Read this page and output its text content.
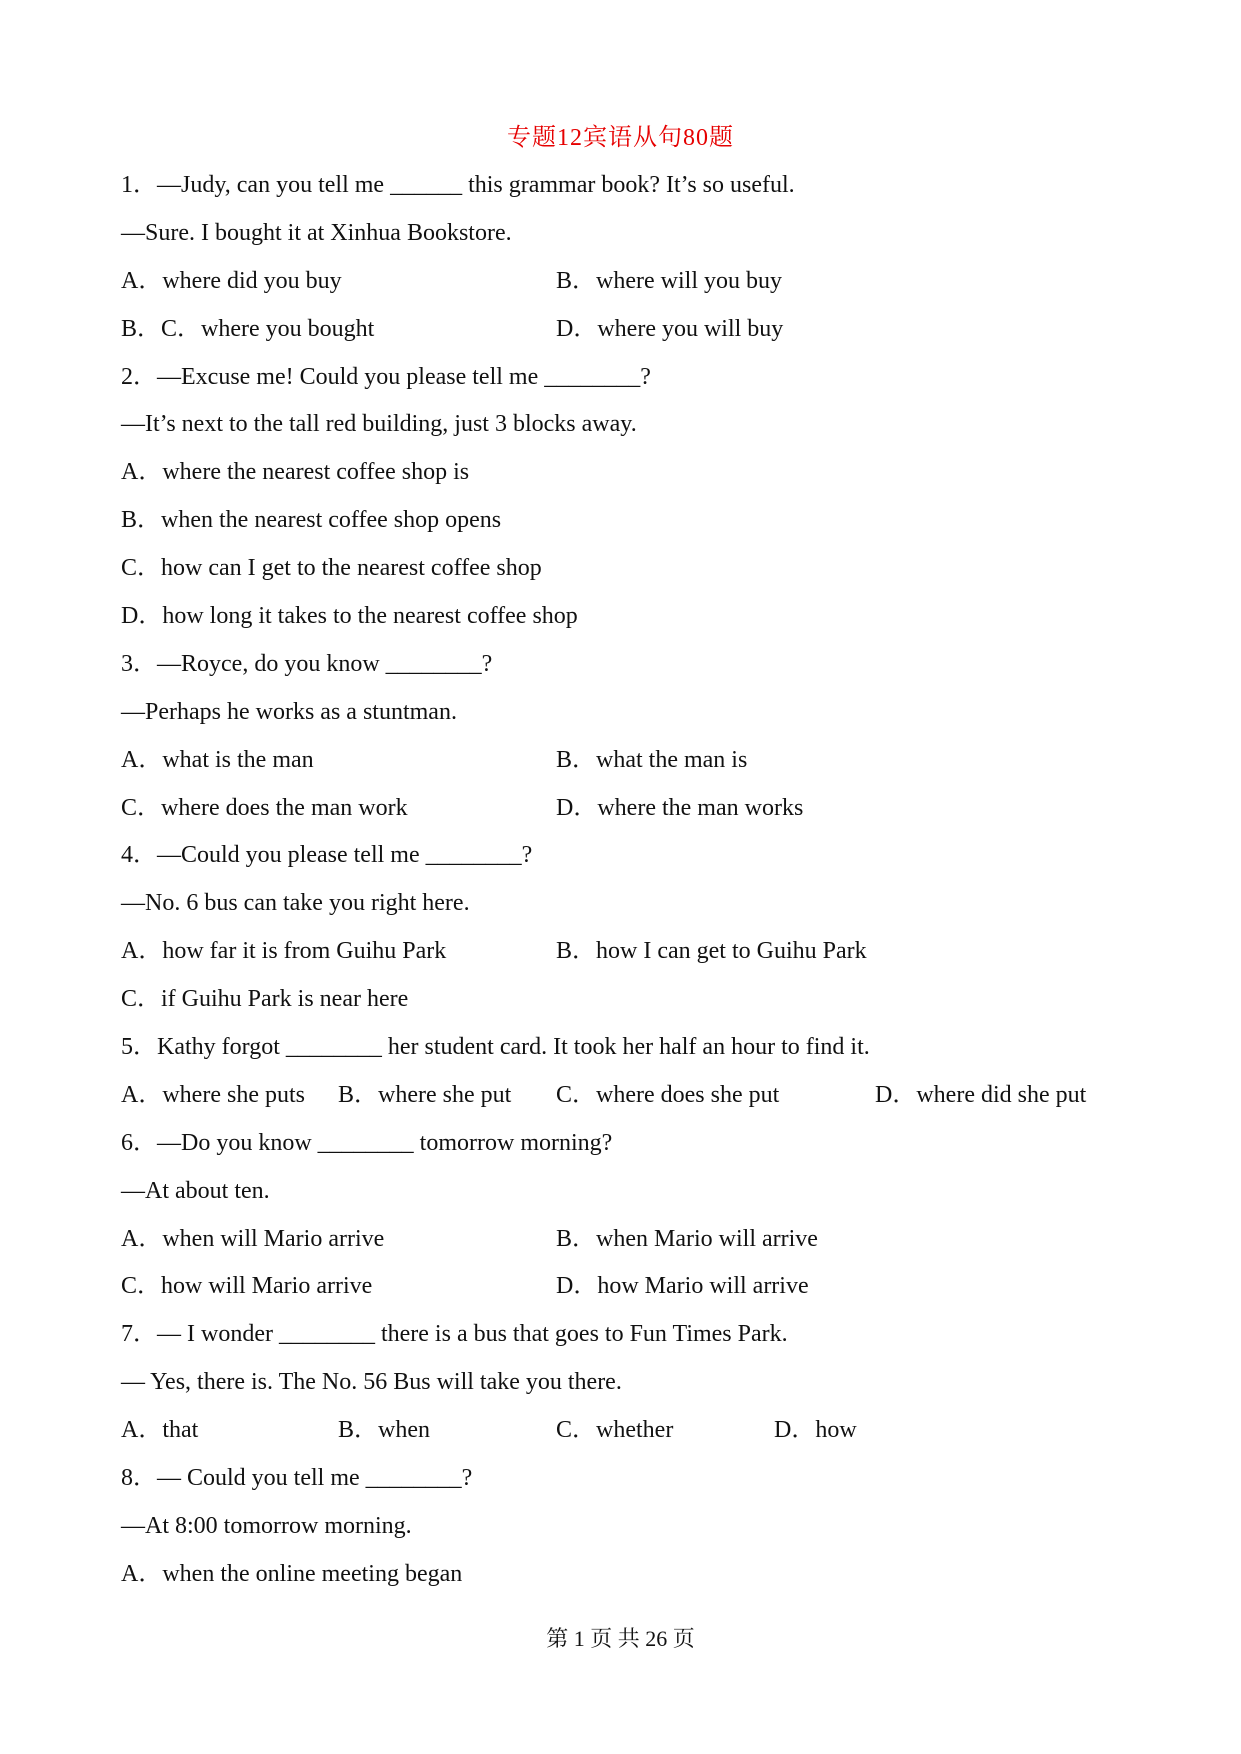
专题12宾语从句80题
1．—Judy, can you tell me ______ this grammar book? It’s so useful.
—Sure. I bought it at Xinhua Bookstore.
A．where did you buy	B．where will you buy
B．C．where you bought	D．where you will buy
2．—Excuse me! Could you please tell me ________?
—It’s next to the tall red building, just 3 blocks away.
A．where the nearest coffee shop is
B．when the nearest coffee shop opens
C．how can I get to the nearest coffee shop
D．how long it takes to the nearest coffee shop
3．—Royce, do you know ________?
—Perhaps he works as a stuntman.
A．what is the man	B．what the man is
C．where does the man work	D．where the man works
4．—Could you please tell me ________?
—No. 6 bus can take you right here.
A．how far it is from Guihu Park	B．how I can get to Guihu Park
C．if Guihu Park is near here
5．Kathy forgot ________ her student card. It took her half an hour to find it.
A．where she puts B．where she put C．where does she put	D．where did she put
6．—Do you know ________ tomorrow morning?
—At about ten.
A．when will Mario arrive	B．when Mario will arrive
C．how will Mario arrive	D．how Mario will arrive
7．— I wonder ________ there is a bus that goes to Fun Times Park.
— Yes, there is. The No. 56 Bus will take you there.
A．that	B．when	C．whether	D．how
8．— Could you tell me ________?
—At 8:00 tomorrow morning.
A．when the online meeting began
第 1 页 共 26 页
